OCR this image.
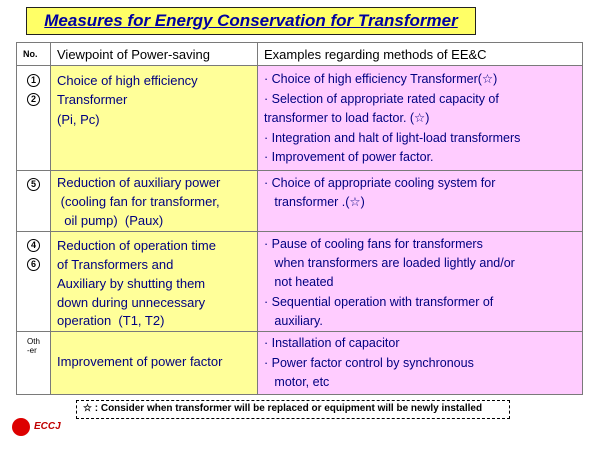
Measures for Energy Conservation for Transformer
No. Viewpoint of Power-saving	Examples regarding methods of EE&C
1
2
Choice of high efficiency
Transformer
(Pi, Pc)
· Choice of high efficiency Transformer(☆)
· Selection of appropriate rated capacity of
transformer to load factor. (☆)
· Integration and halt of light-load transformers
· Improvement of power factor.
5	Reduction of auxiliary power
(cooling fan for transformer,
oil pump)  (Paux)
· Choice of appropriate cooling system for
transformer .(☆)
4
6
Reduction of operation time
of Transformers and
Auxiliary by shutting them
down during unnecessary
operation  (T1, T2)
· Pause of cooling fans for transformers
when transformers are loaded lightly and/or
not heated
· Sequential operation with transformer of
auxiliary.
Oth
-er
Improvement of power factor
· Installation of capacitor
· Power factor control by synchronous
motor, etc
☆ : Consider when transformer will be replaced or equipment will be newly installed
ECCJ
